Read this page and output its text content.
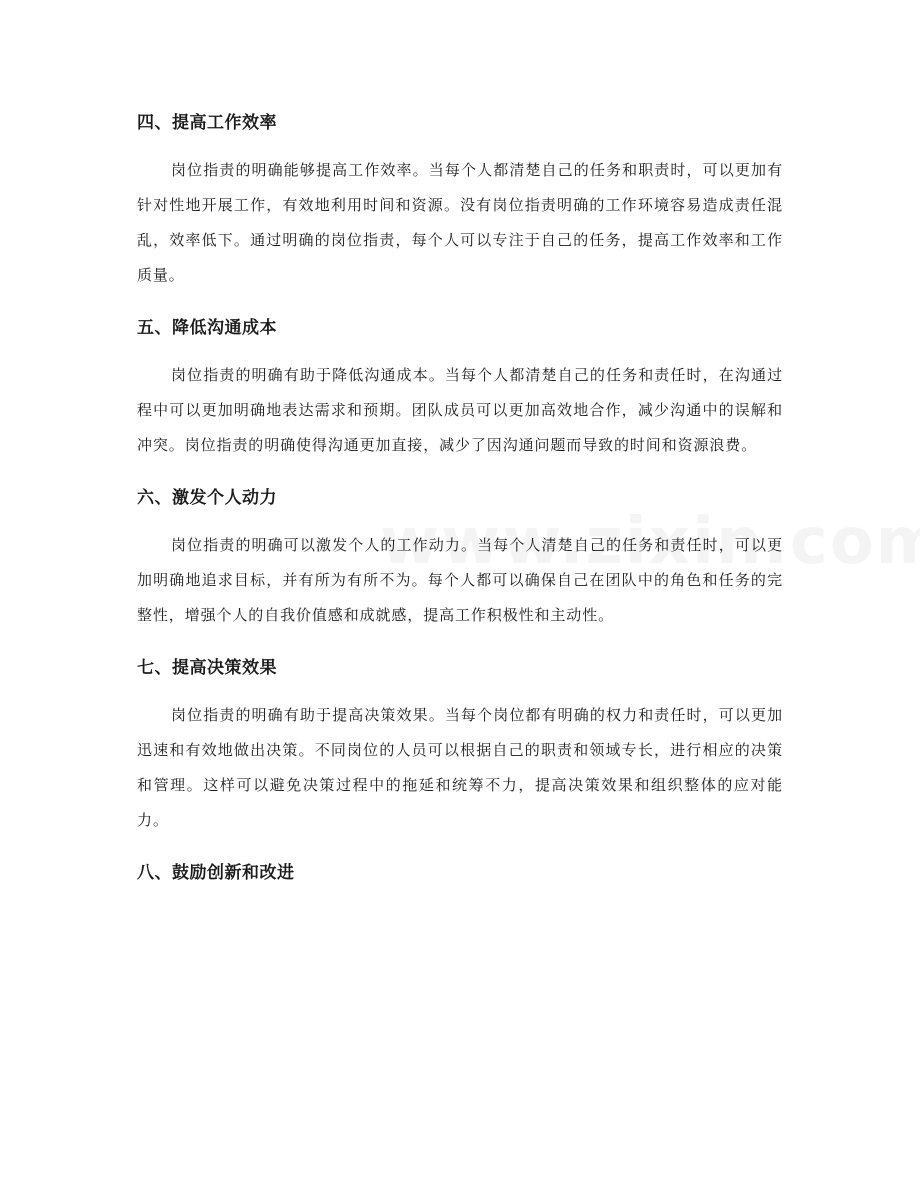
四、提高工作效率

岗位指责的明确能够提高工作效率。当每个人都清楚自己的任务和职责时，可以更加有针对性地开展工作，有效地利用时间和资源。没有岗位指责明确的工作环境容易造成责任混乱，效率低下。通过明确的岗位指责，每个人可以专注于自己的任务，提高工作效率和工作质量。

五、降低沟通成本

岗位指责的明确有助于降低沟通成本。当每个人都清楚自己的任务和责任时，在沟通过程中可以更加明确地表达需求和预期。团队成员可以更加高效地合作，减少沟通中的误解和冲突。岗位指责的明确使得沟通更加直接，减少了因沟通问题而导致的时间和资源浪费。

六、激发个人动力

岗位指责的明确可以激发个人的工作动力。当每个人清楚自己的任务和责任时，可以更加明确地追求目标，并有所为有所不为。每个人都可以确保自己在团队中的角色和任务的完整性，增强个人的自我价值感和成就感，提高工作积极性和主动性。

七、提高决策效果

岗位指责的明确有助于提高决策效果。当每个岗位都有明确的权力和责任时，可以更加迅速和有效地做出决策。不同岗位的人员可以根据自己的职责和领域专长，进行相应的决策和管理。这样可以避免决策过程中的拖延和统筹不力，提高决策效果和组织整体的应对能力。

八、鼓励创新和改进
